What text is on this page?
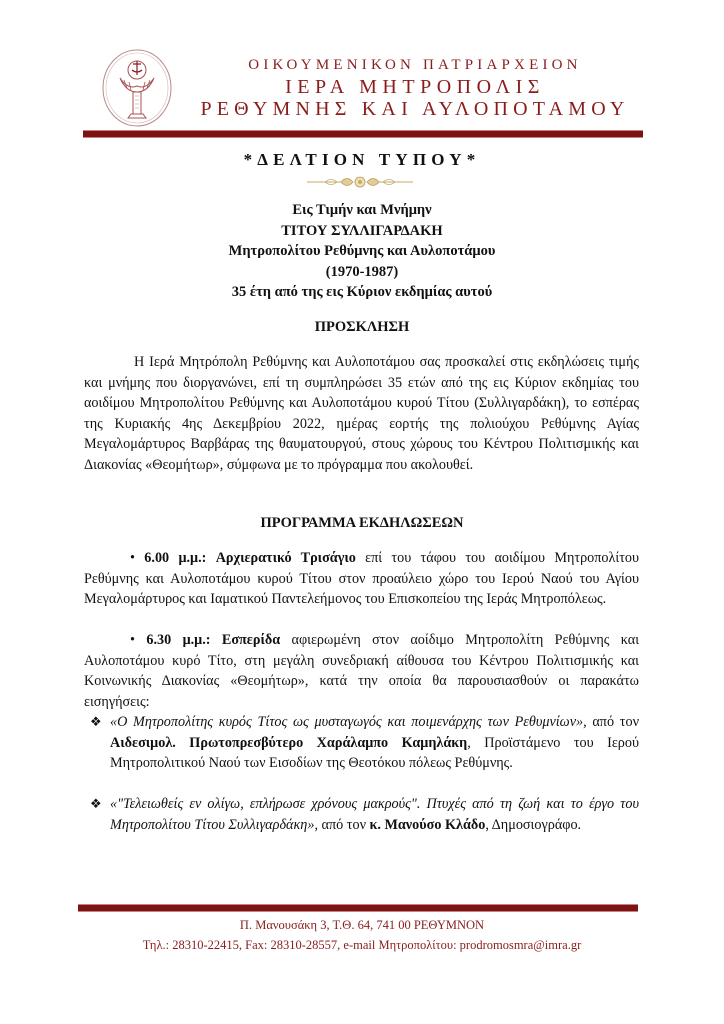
ΟΙΚΟΥΜΕΝΙΚΟΝ ΠΑΤΡΙΑΡΧΕΙΟΝ
ΙΕΡΑ ΜΗΤΡΟΠΟΛΙΣ
ΡΕΘΥΜΝΗΣ ΚΑΙ ΑΥΛΟΠΟΤΑΜΟΥ
*ΔΕΛΤΙΟΝ ΤΥΠΟΥ*
Εις Τιμήν και Μνήμην
ΤΙΤΟΥ ΣΥΛΛΙΓΑΡΔΑΚΗ
Μητροπολίτου Ρεθύμνης και Αυλοποτάμου
(1970-1987)
35 έτη από της εις Κύριον εκδημίας αυτού
ΠΡΟΣΚΛΗΣΗ
Η Ιερά Μητρόπολη Ρεθύμνης και Αυλοποτάμου σας προσκαλεί στις εκδηλώσεις τιμής και μνήμης που διοργανώνει, επί τη συμπληρώσει 35 ετών από της εις Κύριον εκδημίας του αοιδίμου Μητροπολίτου Ρεθύμνης και Αυλοποτάμου κυρού Τίτου (Συλλιγαρδάκη), το εσπέρας της Κυριακής 4ης Δεκεμβρίου 2022, ημέρας εορτής της πολιούχου Ρεθύμνης Αγίας Μεγαλομάρτυρος Βαρβάρας της θαυματουργού, στους χώρους του Κέντρου Πολιτισμικής και Διακονίας «Θεομήτωρ», σύμφωνα με το πρόγραμμα που ακολουθεί.
ΠΡΟΓΡΑΜΜΑ ΕΚΔΗΛΩΣΕΩΝ
• 6.00 μ.μ.: Αρχιερατικό Τρισάγιο επί του τάφου του αοιδίμου Μητροπολίτου Ρεθύμνης και Αυλοποτάμου κυρού Τίτου στον προαύλειο χώρο του Ιερού Ναού του Αγίου Μεγαλομάρτυρος και Ιαματικού Παντελεήμονος του Επισκοπείου της Ιεράς Μητροπόλεως.
• 6.30 μ.μ.: Εσπερίδα αφιερωμένη στον αοίδιμο Μητροπολίτη Ρεθύμνης και Αυλοποτάμου κυρό Τίτο, στη μεγάλη συνεδριακή αίθουσα του Κέντρου Πολιτισμικής και Κοινωνικής Διακονίας «Θεομήτωρ», κατά την οποία θα παρουσιασθούν οι παρακάτω εισηγήσεις:
❖ «Ο Μητροπολίτης κυρός Τίτος ως μυσταγωγός και ποιμενάρχης των Ρεθυμνίων», από τον Αιδεσιμολ. Πρωτοπρεσβύτερο Χαράλαμπο Καμηλάκη, Προϊστάμενο του Ιερού Μητροπολιτικού Ναού των Εισοδίων της Θεοτόκου πόλεως Ρεθύμνης.
❖ «"Τελειωθείς εν ολίγω, επλήρωσε χρόνους μακρούς". Πτυχές από τη ζωή και το έργο του Μητροπολίτου Τίτου Συλλιγαρδάκη», από τον κ. Μανούσο Κλάδο, Δημοσιογράφο.
Π. Μανουσάκη 3, Τ.Θ. 64, 741 00 ΡΕΘΥΜΝΟΝ
Τηλ.: 28310-22415, Fax: 28310-28557, e-mail Μητροπολίτου: prodromosmra@imra.gr
